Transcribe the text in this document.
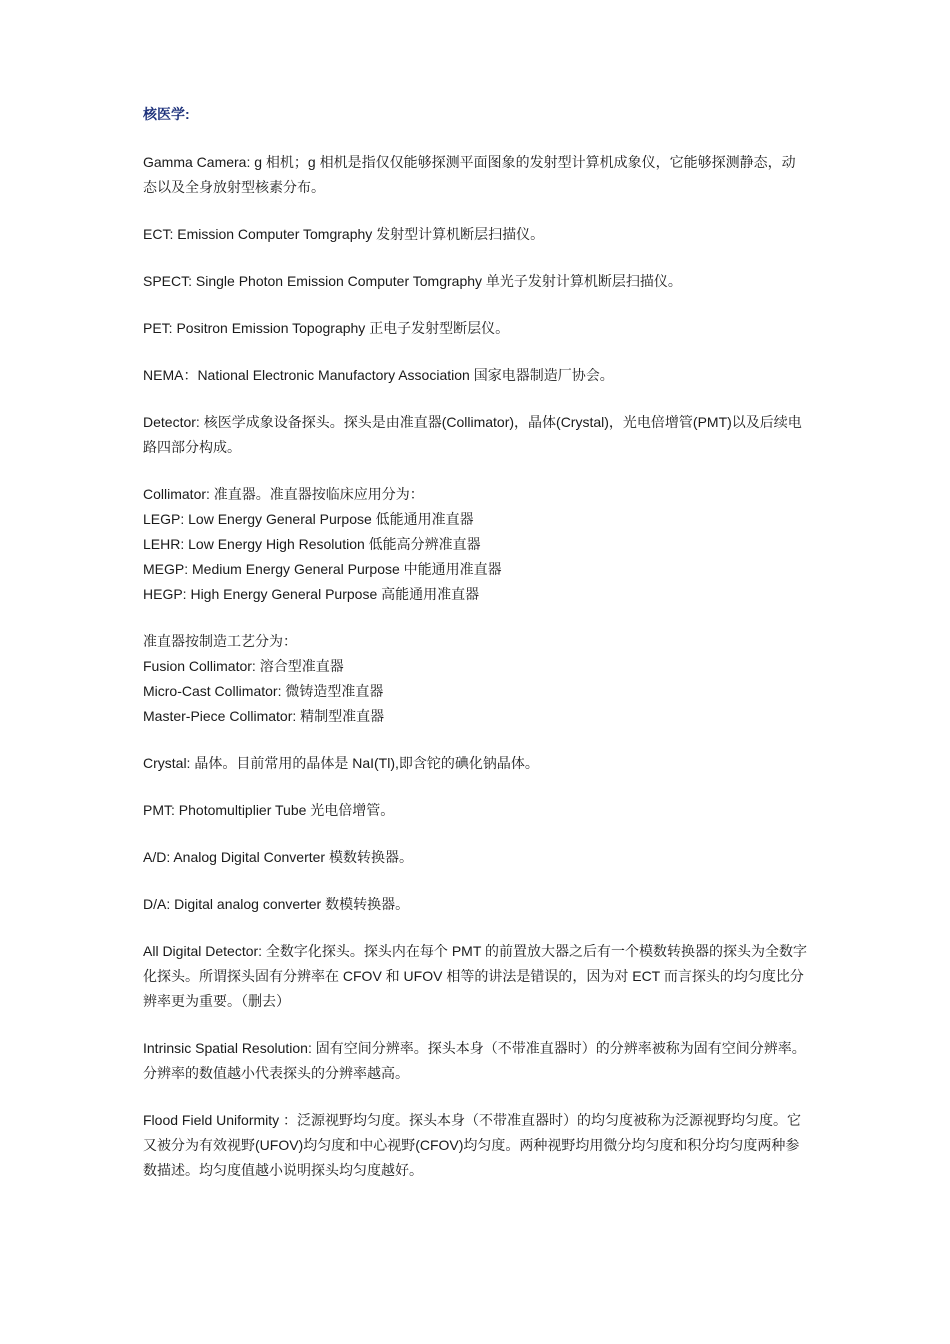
核医学:

Gamma Camera: g 相机；g 相机是指仅仅能够探测平面图象的发射型计算机成象仪，它能够探测静态，动态以及全身放射型核素分布。

ECT: Emission Computer Tomgraphy 发射型计算机断层扫描仪。

SPECT: Single Photon Emission Computer Tomgraphy 单光子发射计算机断层扫描仪。

PET: Positron Emission Topography 正电子发射型断层仪。

NEMA：National Electronic Manufactory Association 国家电器制造厂协会。

Detector: 核医学成象设备探头。探头是由准直器(Collimator)，晶体(Crystal)，光电倍增管(PMT)以及后续电路四部分构成。

Collimator: 准直器。准直器按临床应用分为：
LEGP: Low Energy General Purpose 低能通用准直器
LEHR: Low Energy High Resolution 低能高分辨准直器
MEGP: Medium Energy General Purpose 中能通用准直器
HEGP: High Energy General Purpose 高能通用准直器
准直器按制造工艺分为：
Fusion Collimator: 溶合型准直器
Micro-Cast Collimator: 微铸造型准直器
Master-Piece Collimator: 精制型准直器

Crystal: 晶体。目前常用的晶体是 NaI(Tl),即含铊的碘化钠晶体。

PMT: Photomultiplier Tube 光电倍增管。

A/D: Analog Digital Converter 模数转换器。

D/A: Digital analog converter 数模转换器。

All Digital Detector: 全数字化探头。探头内在每个 PMT 的前置放大器之后有一个模数转换器的探头为全数字化探头。所谓探头固有分辨率在 CFOV 和 UFOV 相等的讲法是错误的，因为对 ECT 而言探头的均匀度比分辨率更为重要。（删去）

Intrinsic Spatial Resolution: 固有空间分辨率。探头本身（不带准直器时）的分辨率被称为固有空间分辨率。分辨率的数值越小代表探头的分辨率越高。

Flood Field Uniformity ：泛源视野均匀度。探头本身（不带准直器时）的均匀度被称为泛源视野均匀度。它又被分为有效视野(UFOV)均匀度和中心视野(CFOV)均匀度。两种视野均用微分均匀度和积分均匀度两种参数描述。均匀度值越小说明探头均匀度越好。
